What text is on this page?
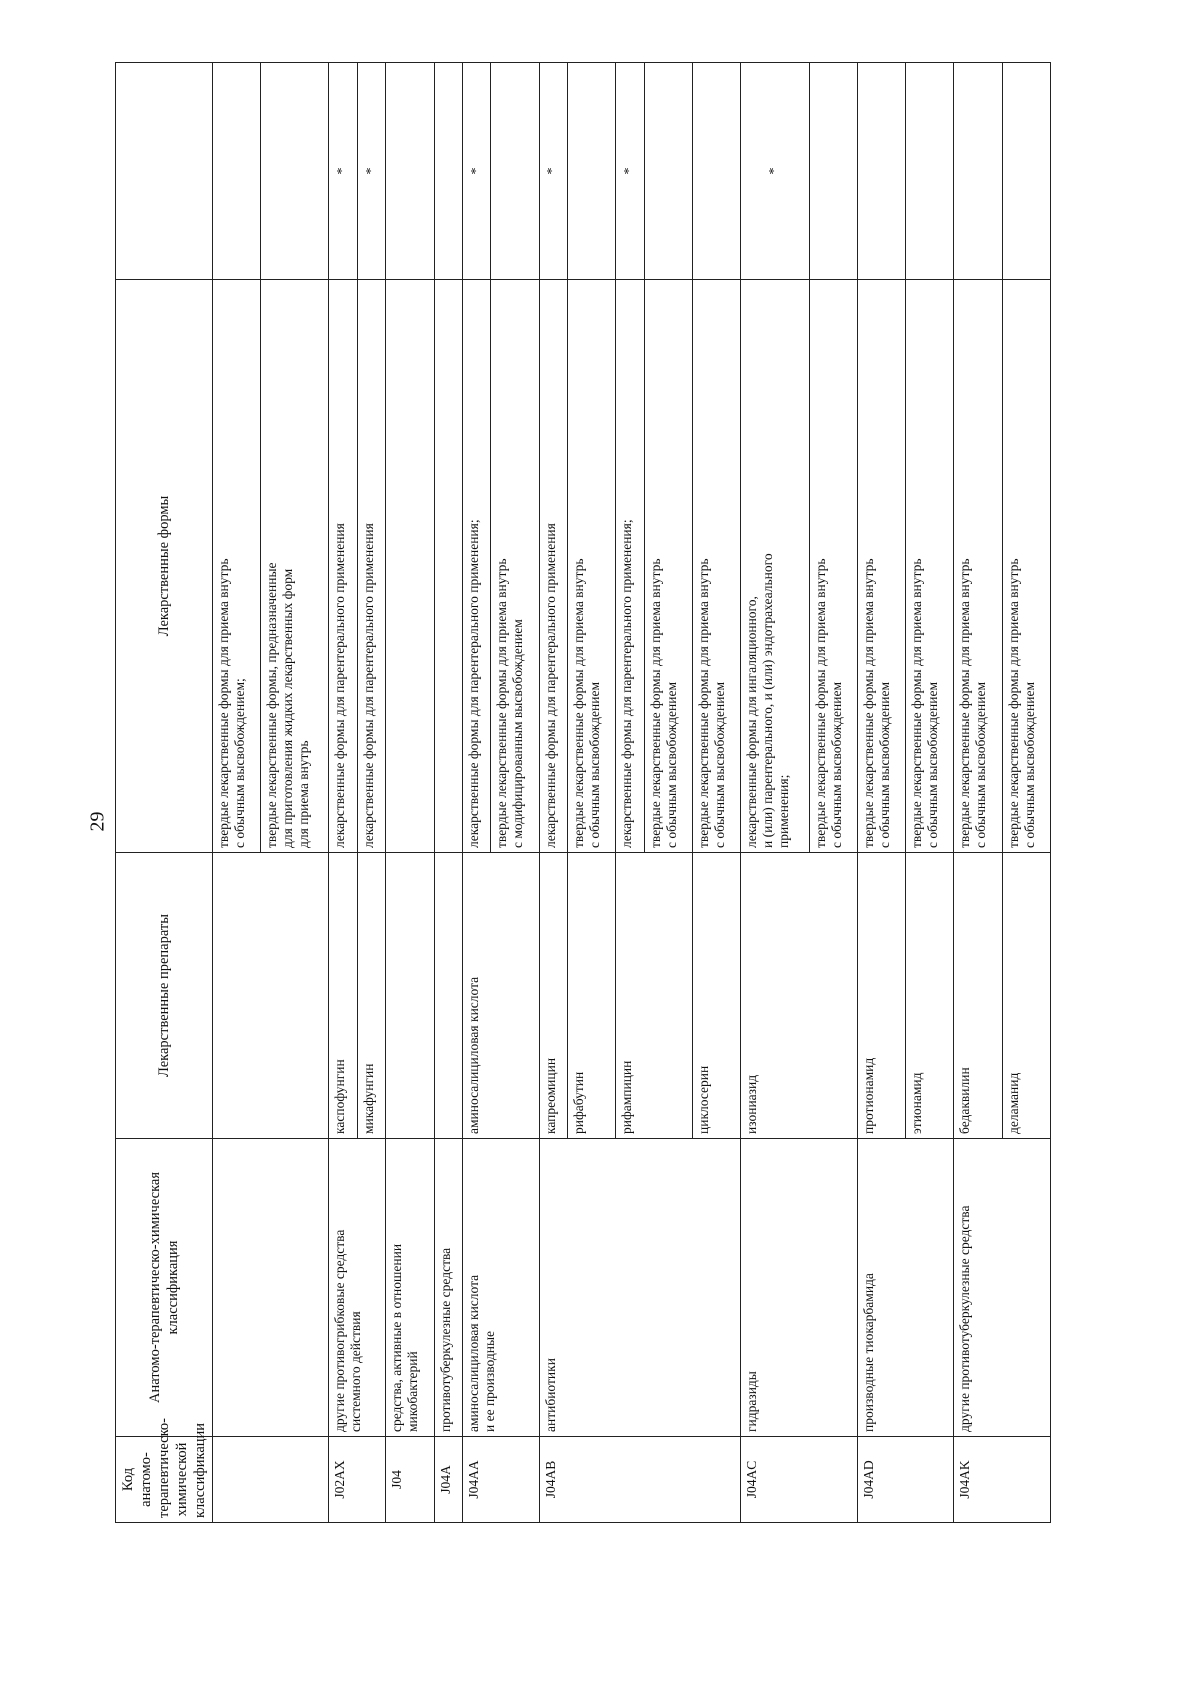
29
Код анатомо-
терапевтическо-
химической
классификации	Анатомо-терапевтическо-химическая
классификация	Лекарственные препараты	Лекарственные формы	
			твердые лекарственные формы для приема внутрь
с обычным высвобождением;	
			твердые лекарственные формы, предназначенные
для приготовления жидких лекарственных форм
для приема внутрь	
J02AX	другие противогрибковые средства
системного действия	каспофунгин	лекарственные формы для парентерального применения	*
		микафунгин	лекарственные формы для парентерального применения	*
J04	средства, активные в отношении
микобактерий			
J04A	противотуберкулезные средства			
J04AA	аминосалициловая кислота
и ее производные	аминосалициловая кислота	лекарственные формы для парентерального применения;	*
			твердые лекарственные формы для приема внутрь
с модифицированным высвобождением	
J04AB	антибиотики	капреомицин	лекарственные формы для парентерального применения	*
		рифабутин	твердые лекарственные формы для приема внутрь
с обычным высвобождением	
		рифампицин	лекарственные формы для парентерального применения;	*
			твердые лекарственные формы для приема внутрь
с обычным высвобождением	
		циклосерин	твердые лекарственные формы для приема внутрь
с обычным высвобождением	
J04AC	гидразиды	изониазид	лекарственные формы для ингаляционного,
и (или) парентерального, и (или) эндотрахеального
применения;	*
			твердые лекарственные формы для приема внутрь
с обычным высвобождением	
J04AD	производные тиокарбамида	протионамид	твердые лекарственные формы для приема внутрь
с обычным высвобождением	
		этионамид	твердые лекарственные формы для приема внутрь
с обычным высвобождением	
J04AK	другие противотуберкулезные средства	бедаквилин	твердые лекарственные формы для приема внутрь
с обычным высвобождением	
		деламанид	твердые лекарственные формы для приема внутрь
с обычным высвобождением	
